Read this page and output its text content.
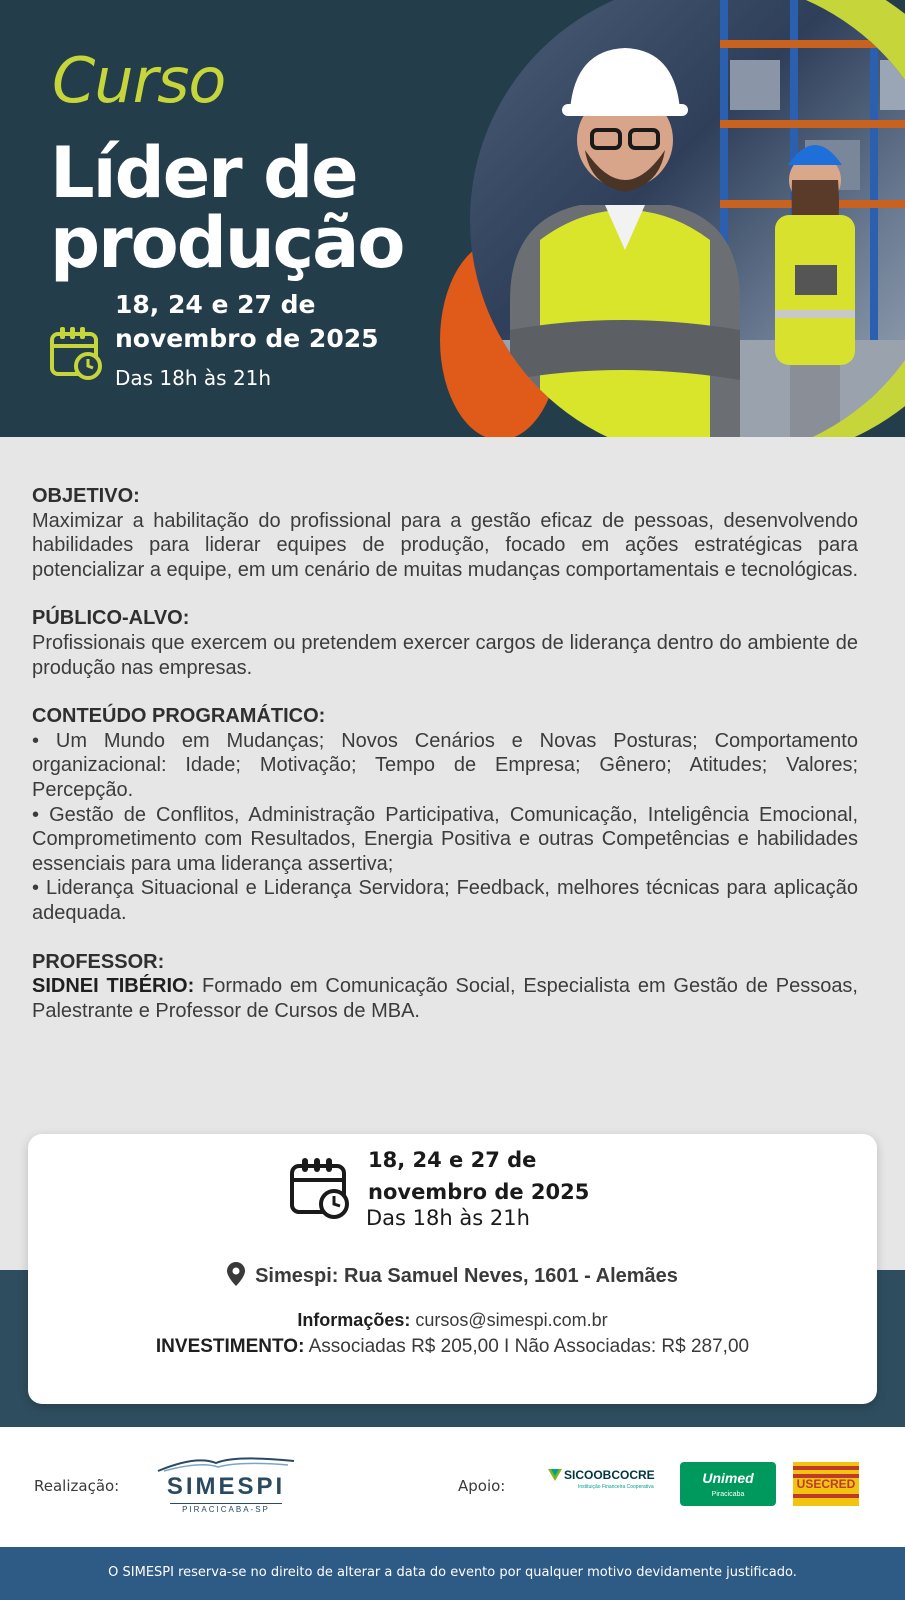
Curso
Líder de produção
18, 24 e 27 de novembro de 2025
Das 18h às 21h
OBJETIVO:

Maximizar a habilitação do profissional para a gestão eficaz de pessoas, desenvolvendo habilidades para liderar equipes de produção, focado em ações estratégicas para potencializar a equipe, em um cenário de muitas mudanças comportamentais e tecnológicas.

PÚBLICO-ALVO:

Profissionais que exercem ou pretendem exercer cargos de liderança dentro do ambiente de produção nas empresas.

CONTEÚDO PROGRAMÁTICO:

• Um Mundo em Mudanças; Novos Cenários e Novas Posturas; Comportamento organizacional: Idade; Motivação; Tempo de Empresa; Gênero; Atitudes; Valores; Percepção.

• Gestão de Conflitos, Administração Participativa, Comunicação, Inteligência Emocional, Comprometimento com Resultados, Energia Positiva e outras Competências e habilidades essenciais para uma liderança assertiva;

• Liderança Situacional e Liderança Servidora; Feedback, melhores técnicas para aplicação adequada.

PROFESSOR:

SIDNEI TIBÉRIO: Formado em Comunicação Social, Especialista em Gestão de Pessoas, Palestrante e Professor de Cursos de MBA.

18, 24 e 27 de
novembro de 2025
Das 18h às 21h
Simespi: Rua Samuel Neves, 1601 - Alemães
Informações: cursos@simespi.com.br
INVESTIMENTO: Associadas R$ 205,00 I Não Associadas: R$ 287,00
Realização:	SIMESPI
PIRACICABA-SP
Apoio:
SICOOBCOCRE
Instituição Financeira Cooperativa
Unimed
Piracicaba
USECRED
O SIMESPI reserva-se no direito de alterar a data do evento por qualquer motivo devidamente justificado.
